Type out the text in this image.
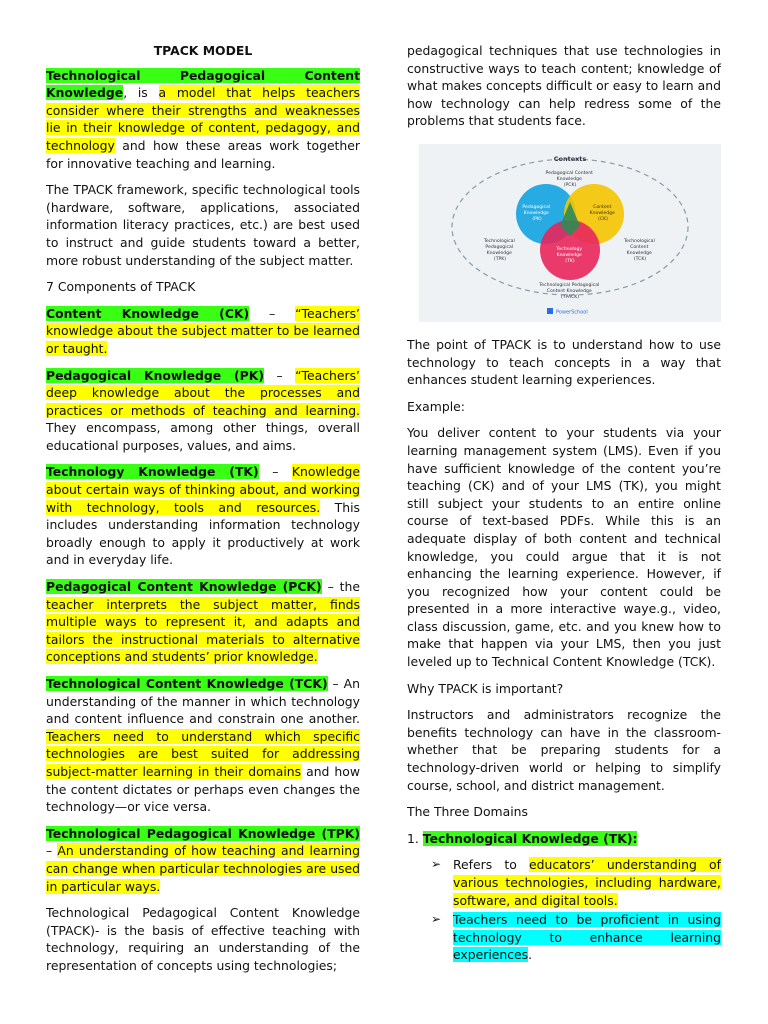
TPACK MODEL

Technological Pedagogical Content Knowledge, is a model that helps teachers consider where their strengths and weaknesses lie in their knowledge of content, pedagogy, and technology and how these areas work together for innovative teaching and learning.

The TPACK framework, specific technological tools (hardware, software, applications, associated information literacy practices, etc.) are best used to instruct and guide students toward a better, more robust understanding of the subject matter.

7 Components of TPACK

Content Knowledge (CK) – “Teachers’ knowledge about the subject matter to be learned or taught.

Pedagogical Knowledge (PK) – “Teachers’ deep knowledge about the processes and practices or methods of teaching and learning. They encompass, among other things, overall educational purposes, values, and aims.

Technology Knowledge (TK) – Knowledge about certain ways of thinking about, and working with technology, tools and resources. This includes understanding information technology broadly enough to apply it productively at work and in everyday life.

Pedagogical Content Knowledge (PCK) – the teacher interprets the subject matter, finds multiple ways to represent it, and adapts and tailors the instructional materials to alternative conceptions and students’ prior knowledge.

Technological Content Knowledge (TCK) – An understanding of the manner in which technology and content influence and constrain one another. Teachers need to understand which specific technologies are best suited for addressing subject-matter learning in their domains and how the content dictates or perhaps even changes the technology—or vice versa.

Technological Pedagogical Knowledge (TPK) – An understanding of how teaching and learning can change when particular technologies are used in particular ways.

Technological Pedagogical Content Knowledge (TPACK)- is the basis of effective teaching with technology, requiring an understanding of the representation of concepts using technologies;

pedagogical techniques that use technologies in constructive ways to teach content; knowledge of what makes concepts difficult or easy to learn and how technology can help redress some of the problems that students face.

Contexts
Pedagogical Content Knowledge (PCK)
Pedagogical Knowledge (PK)
Content Knowledge (CK)
Technology Knowledge (TK)
Technological Pedagogical Knowledge (TPK)
Technological Content Knowledge (TCK)
Technological Pedagogical Content Knowledge (TPACK)
PowerSchool

The point of TPACK is to understand how to use technology to teach concepts in a way that enhances student learning experiences.

Example:

You deliver content to your students via your learning management system (LMS). Even if you have sufficient knowledge of the content you’re teaching (CK) and of your LMS (TK), you might still subject your students to an entire online course of text-based PDFs. While this is an adequate display of both content and technical knowledge, you could argue that it is not enhancing the learning experience. However, if you recognized how your content could be presented in a more interactive waye.g., video, class discussion, game, etc. and you knew how to make that happen via your LMS, then you just leveled up to Technical Content Knowledge (TCK).

Why TPACK is important?

Instructors and administrators recognize the benefits technology can have in the classroom-whether that be preparing students for a technology-driven world or helping to simplify course, school, and district management.

The Three Domains

1. Technological Knowledge (TK):

➢ Refers to educators’ understanding of various technologies, including hardware, software, and digital tools.
➢ Teachers need to be proficient in using technology to enhance learning experiences.
